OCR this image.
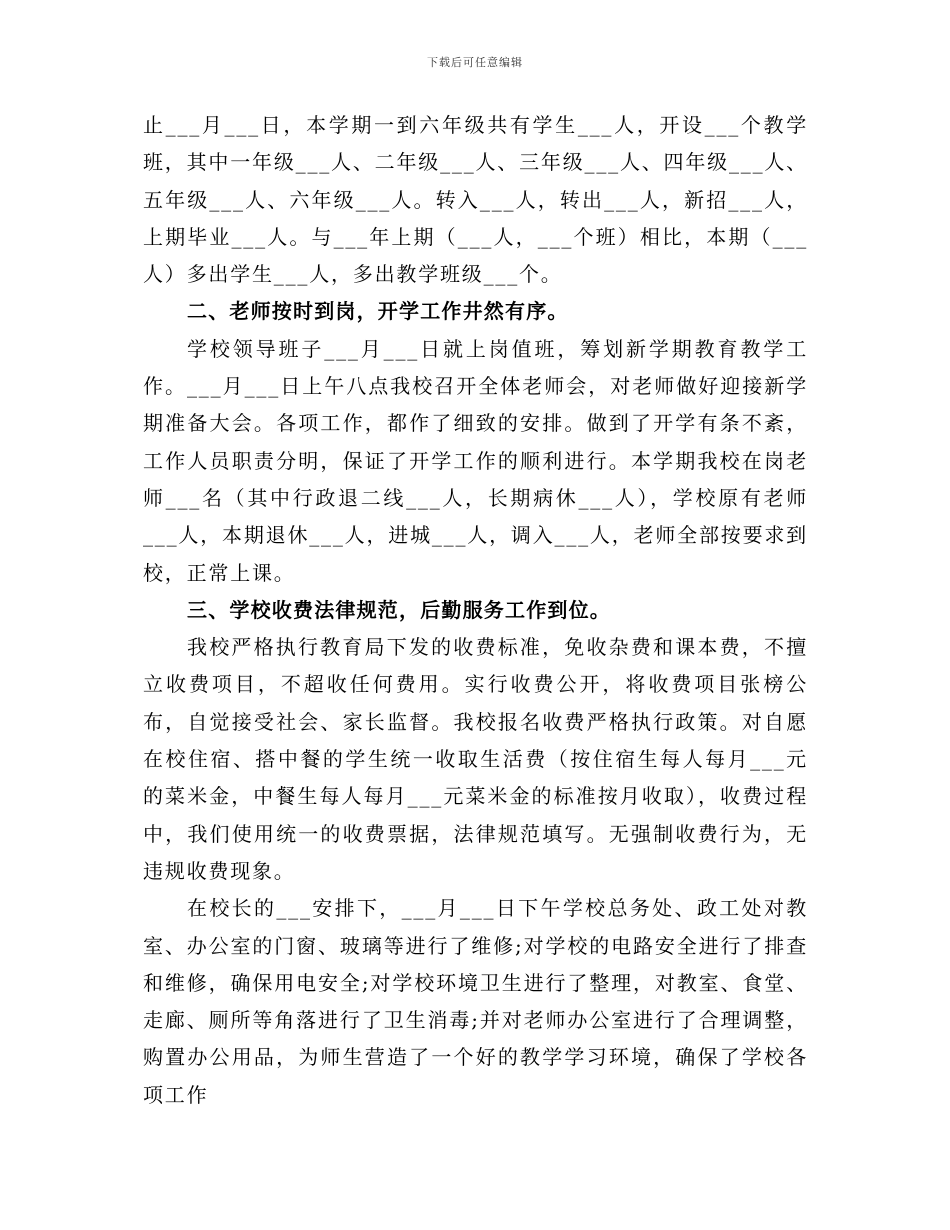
下载后可任意编辑

止___月___日，本学期一到六年级共有学生___人，开设___个教学班，其中一年级___人、二年级___人、三年级___人、四年级___人、五年级___人、六年级___人。转入___人，转出___人，新招___人，上期毕业___人。与___年上期（___人，___个班）相比，本期（___人）多出学生___人，多出教学班级___个。

二、老师按时到岗，开学工作井然有序。

学校领导班子___月___日就上岗值班，筹划新学期教育教学工作。___月___日上午八点我校召开全体老师会，对老师做好迎接新学期准备大会。各项工作，都作了细致的安排。做到了开学有条不紊，工作人员职责分明，保证了开学工作的顺利进行。本学期我校在岗老师___名（其中行政退二线___人，长期病休___人），学校原有老师___人，本期退休___人，进城___人，调入___人，老师全部按要求到校，正常上课。

三、学校收费法律规范，后勤服务工作到位。

我校严格执行教育局下发的收费标准，免收杂费和课本费，不擅立收费项目，不超收任何费用。实行收费公开，将收费项目张榜公布，自觉接受社会、家长监督。我校报名收费严格执行政策。对自愿在校住宿、搭中餐的学生统一收取生活费（按住宿生每人每月___元的菜米金，中餐生每人每月___元菜米金的标准按月收取），收费过程中，我们使用统一的收费票据，法律规范填写。无强制收费行为，无违规收费现象。

在校长的___安排下，___月___日下午学校总务处、政工处对教室、办公室的门窗、玻璃等进行了维修;对学校的电路安全进行了排查和维修，确保用电安全;对学校环境卫生进行了整理，对教室、食堂、走廊、厕所等角落进行了卫生消毒;并对老师办公室进行了合理调整，购置办公用品，为师生营造了一个好的教学学习环境，确保了学校各项工作
